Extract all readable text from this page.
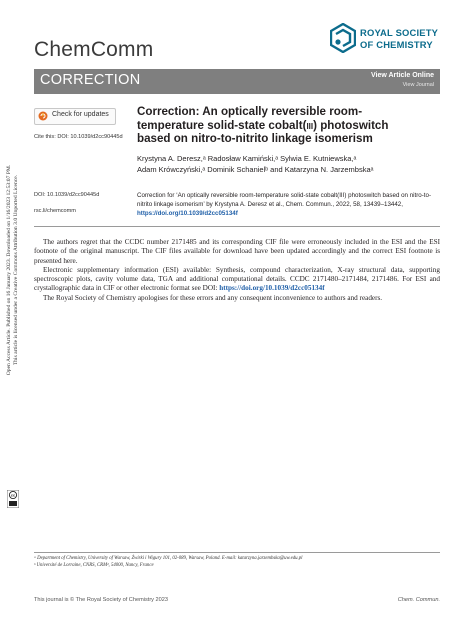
Open Access Article. Published on 16 January 2023. Downloaded on 1/16/2023 12:53:07 PM. This article is licensed under a Creative Commons Attribution 3.0 Unported Licence.
cc
ChemComm
ROYAL SOCIETY
OF CHEMISTRY
CORRECTION	View Article Online
View Journal
Check for updates
Cite this: DOI: 10.1039/d2cc90445d
DOI: 10.1039/d2cc90445d
rsc.li/chemcomm
Correction: An optically reversible room-
temperature solid-state cobalt(iii) photoswitch
based on nitro-to-nitrito linkage isomerism
Krystyna A. Deresz,ᵃ Radosław Kamiński,ᵃ Sylwia E. Kutniewska,ᵃ
Adam Krówczyński,ᵃ Dominik Schanielᵇ and Katarzyna N. Jarzembskaᵃ
Correction for ‘An optically reversible room-temperature solid-state cobalt(III) photoswitch based on nitro-to-nitrito linkage isomerism’ by Krystyna A. Deresz et al., Chem. Commun., 2022, 58, 13439–13442, https://doi.org/10.1039/d2cc05134f

The authors regret that the CCDC number 2171485 and its corresponding CIF file were erroneously included in the ESI and the ESI footnote of the original manuscript. The CIF files available for download have been updated accordingly and the correct ESI footnote is presented here.

Electronic supplementary information (ESI) available: Synthesis, compound characterization, X-ray structural data, supporting spectroscopic plots, cavity volume data, TGA and additional computational details. CCDC 2171480–2171484, 2171486. For ESI and crystallographic data in CIF or other electronic format see DOI: https://doi.org/10.1039/d2cc05134f

The Royal Society of Chemistry apologises for these errors and any consequent inconvenience to authors and readers.

ᵃ Department of Chemistry, University of Warsaw, Żwirki i Wigury 101, 02-089, Warsaw, Poland. E-mail: katarzyna.jarzembska@uw.edu.pl
ᵇ Université de Lorraine, CNRS, CRM², 54000, Nancy, France
This journal is © The Royal Society of Chemistry 2023	Chem. Commun.
